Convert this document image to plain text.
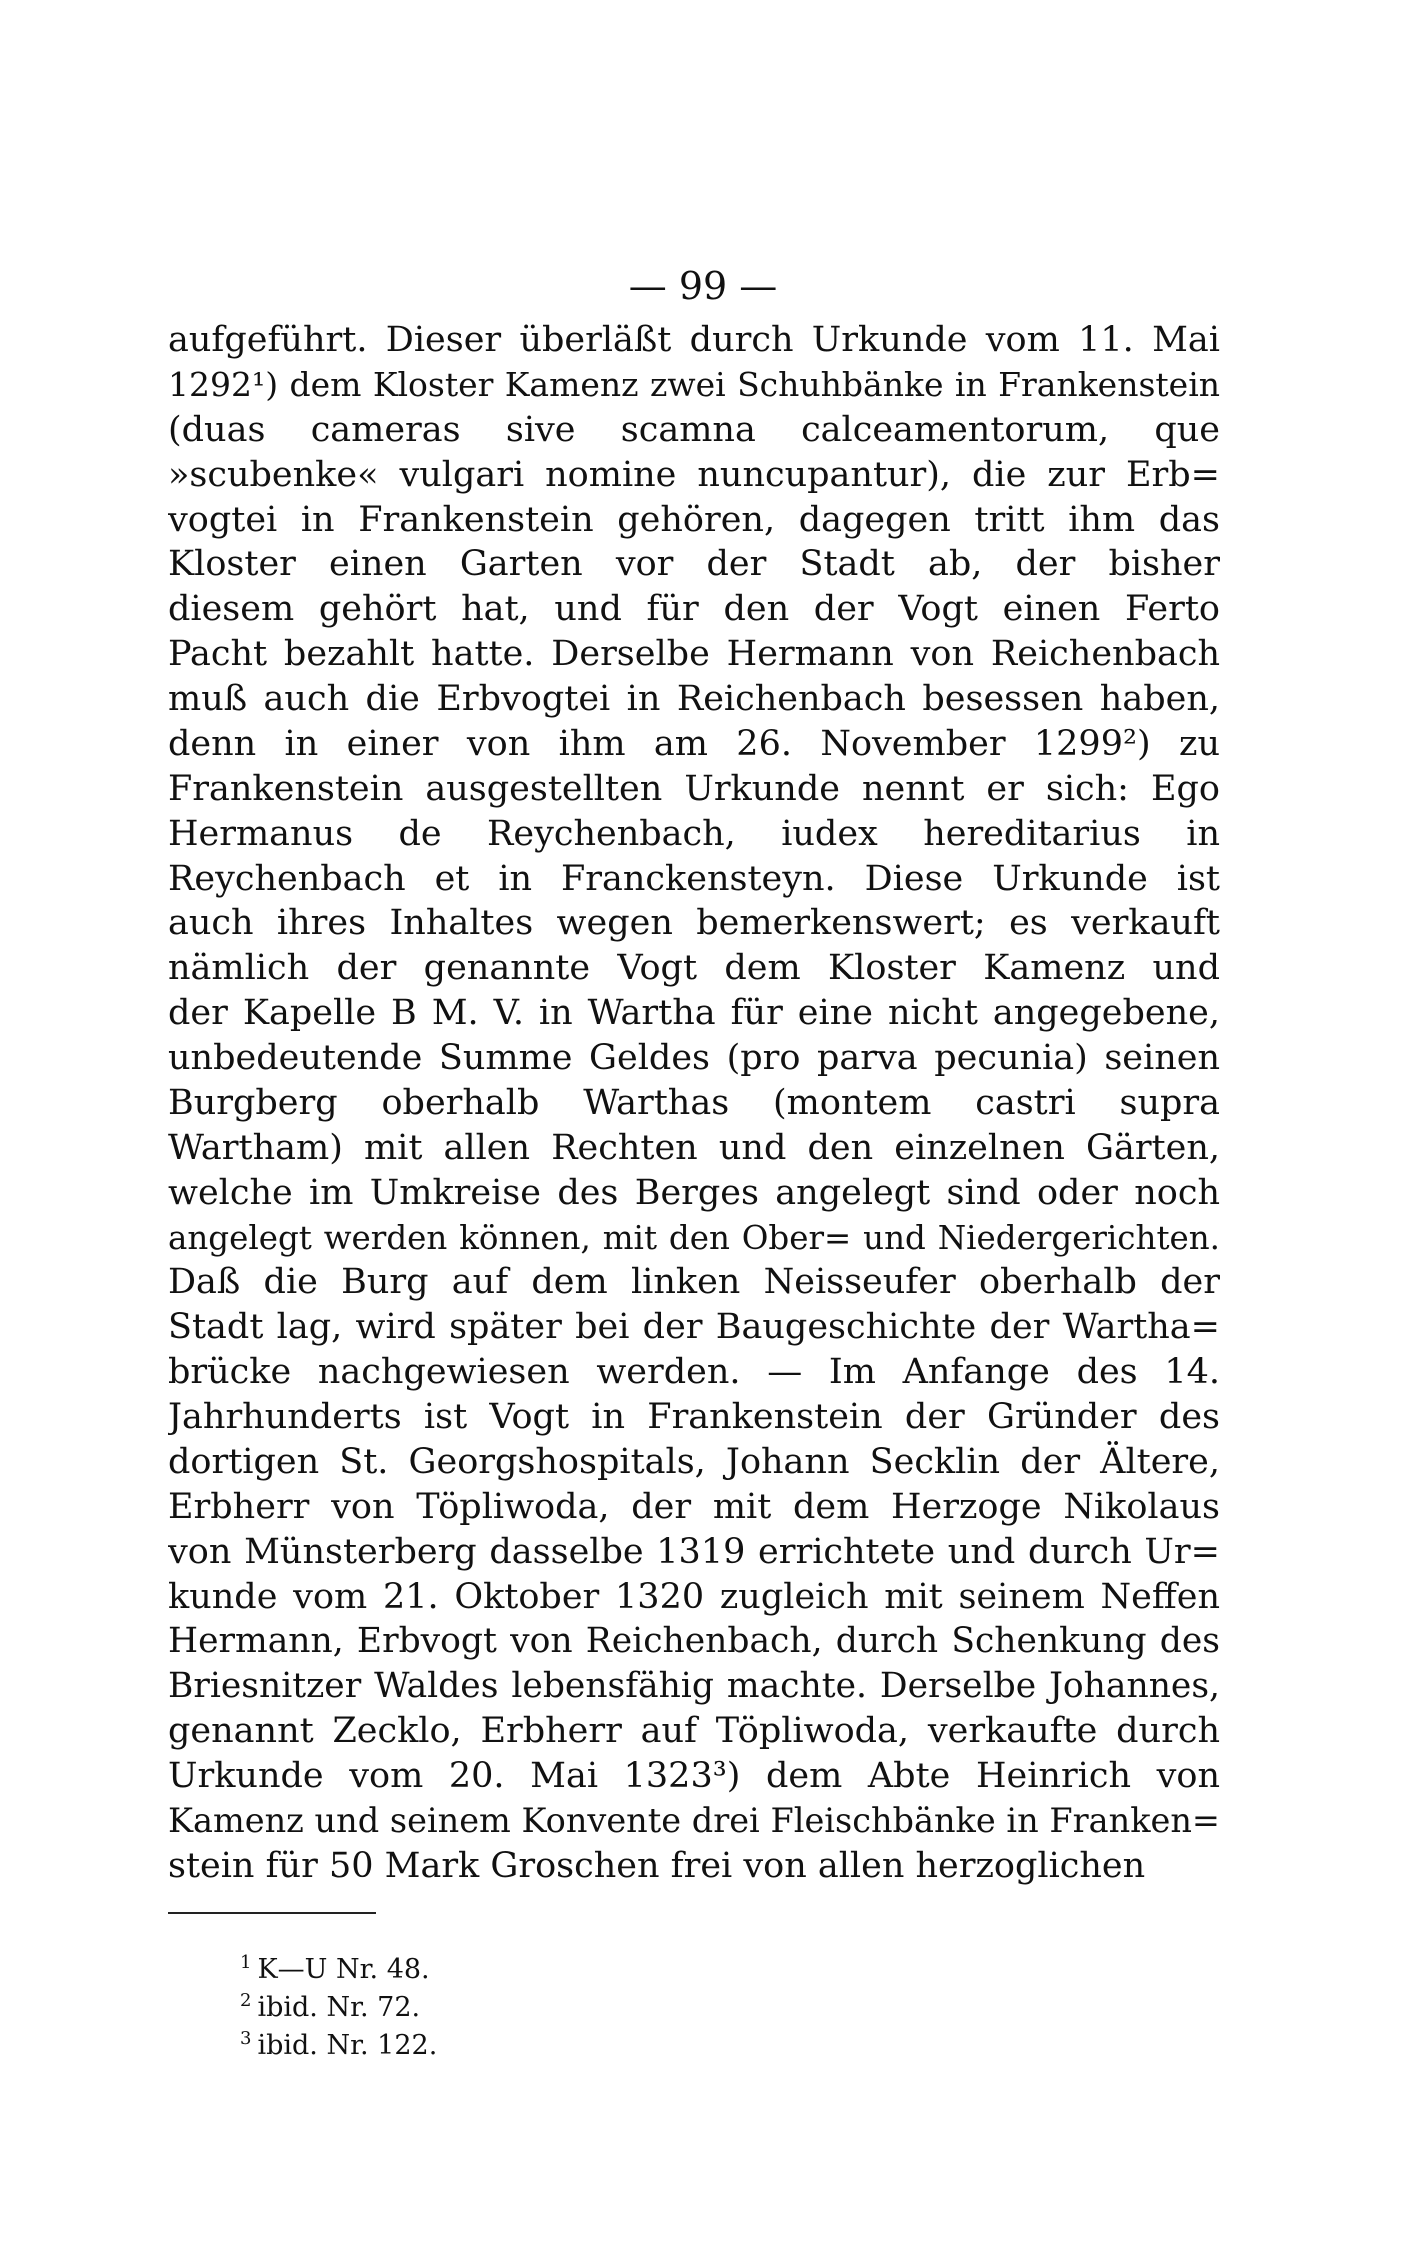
— 99 —
aufgeführt. Dieser überläßt durch Urkunde vom 11. Mai
1292¹) dem Kloster Kamenz zwei Schuhbänke in Frankenstein
(duas cameras sive scamna calceamentorum, que
»scubenke« vulgari nomine nuncupantur), die zur Erb=
vogtei in Frankenstein gehören, dagegen tritt ihm das
Kloster einen Garten vor der Stadt ab, der bisher
diesem gehört hat, und für den der Vogt einen Ferto
Pacht bezahlt hatte. Derselbe Hermann von Reichenbach
muß auch die Erbvogtei in Reichenbach besessen haben,
denn in einer von ihm am 26. November 1299²) zu
Frankenstein ausgestellten Urkunde nennt er sich: Ego
Hermanus de Reychenbach, iudex hereditarius in
Reychenbach et in Franckensteyn. Diese Urkunde ist
auch ihres Inhaltes wegen bemerkenswert; es verkauft
nämlich der genannte Vogt dem Kloster Kamenz und
der Kapelle B M. V. in Wartha für eine nicht angegebene,
unbedeutende Summe Geldes (pro parva pecunia) seinen
Burgberg oberhalb Warthas (montem castri supra
Wartham) mit allen Rechten und den einzelnen Gärten,
welche im Umkreise des Berges angelegt sind oder noch
angelegt werden können, mit den Ober= und Niedergerichten.
Daß die Burg auf dem linken Neisseufer oberhalb der
Stadt lag, wird später bei der Baugeschichte der Wartha=
brücke nachgewiesen werden. — Im Anfange des 14.
Jahrhunderts ist Vogt in Frankenstein der Gründer des
dortigen St. Georgshospitals, Johann Secklin der Ältere,
Erbherr von Töpliwoda, der mit dem Herzoge Nikolaus
von Münsterberg dasselbe 1319 errichtete und durch Ur=
kunde vom 21. Oktober 1320 zugleich mit seinem Neffen
Hermann, Erbvogt von Reichenbach, durch Schenkung des
Briesnitzer Waldes lebensfähig machte. Derselbe Johannes,
genannt Zecklo, Erbherr auf Töpliwoda, verkaufte durch
Urkunde vom 20. Mai 1323³) dem Abte Heinrich von
Kamenz und seinem Konvente drei Fleischbänke in Franken=
stein für 50 Mark Groschen frei von allen herzoglichen
$^1$ K—U Nr. 48.
$^2$ ibid. Nr. 72.
$^3$ ibid. Nr. 122.
